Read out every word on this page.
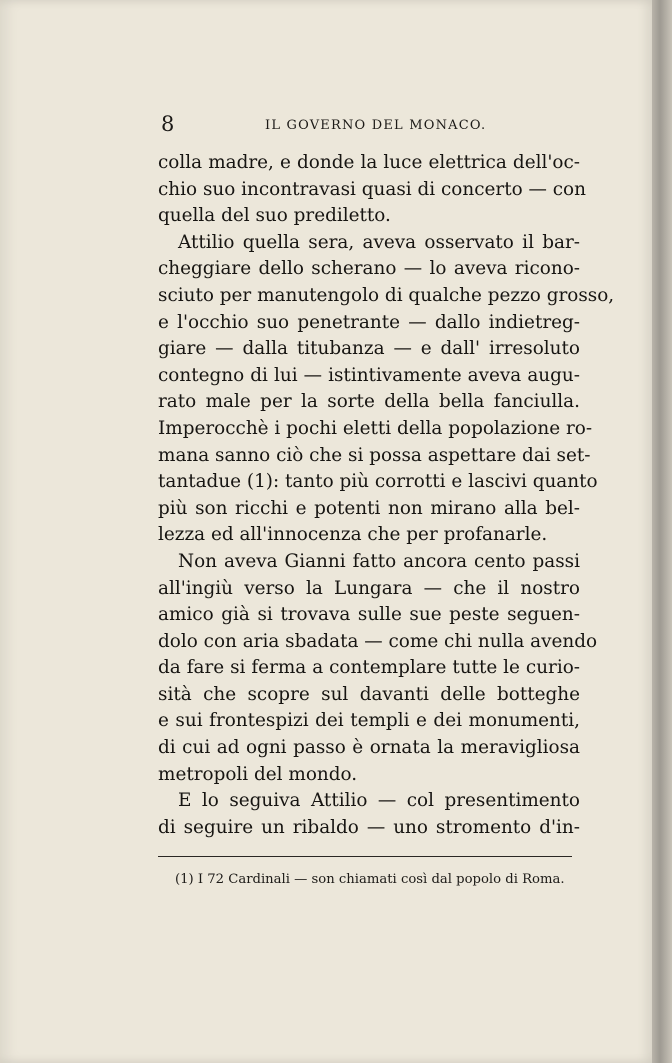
8	IL GOVERNO DEL MONACO.
colla madre, e donde la luce elettrica dell'oc-
chio suo incontravasi quasi di concerto — con
quella del suo prediletto.
Attilio quella sera, aveva osservato il bar-
cheggiare dello scherano — lo aveva ricono-
sciuto per manutengolo di qualche pezzo grosso,
e l'occhio suo penetrante — dallo indietreg-
giare — dalla titubanza — e dall' irresoluto
contegno di lui — istintivamente aveva augu-
rato male per la sorte della bella fanciulla.
Imperocchè i pochi eletti della popolazione ro-
mana sanno ciò che si possa aspettare dai set-
tantadue (1): tanto più corrotti e lascivi quanto
più son ricchi e potenti non mirano alla bel-
lezza ed all'innocenza che per profanarle.
Non aveva Gianni fatto ancora cento passi
all'ingiù verso la Lungara — che il nostro
amico già si trovava sulle sue peste seguen-
dolo con aria sbadata — come chi nulla avendo
da fare si ferma a contemplare tutte le curio-
sità che scopre sul davanti delle botteghe
e sui frontespizi dei templi e dei monumenti,
di cui ad ogni passo è ornata la meravigliosa
metropoli del mondo.
E lo seguiva Attilio — col presentimento
di seguire un ribaldo — uno stromento d'in-
(1) I 72 Cardinali — son chiamati così dal popolo di Roma.
